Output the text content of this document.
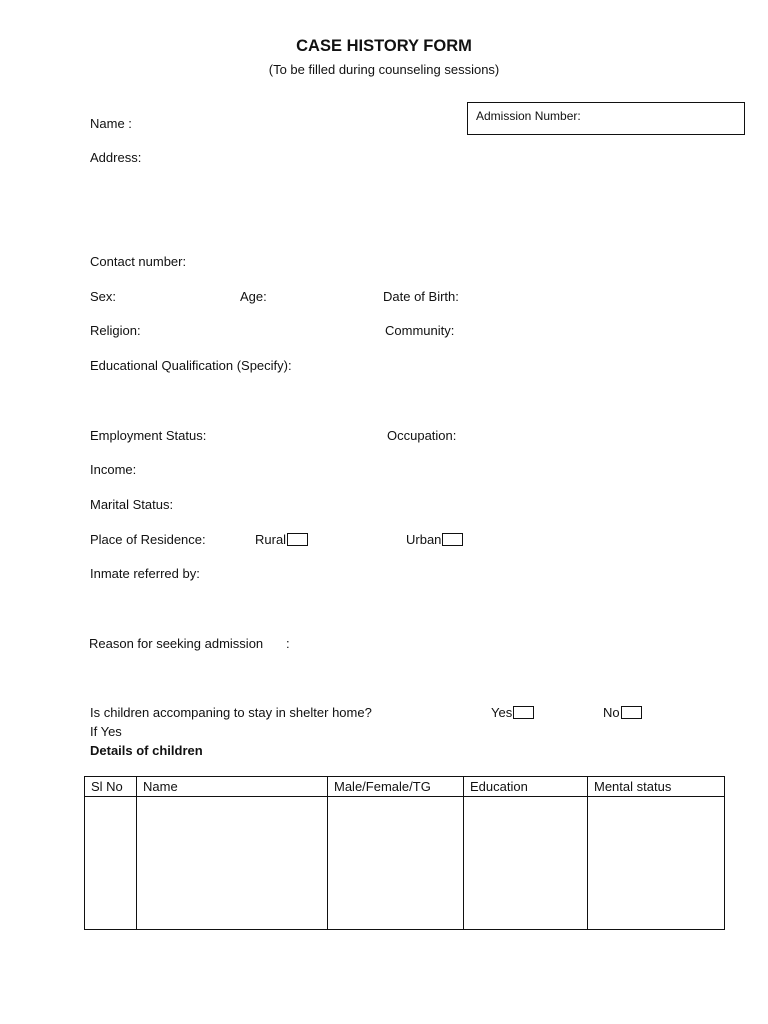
CASE HISTORY FORM
(To be filled during counseling sessions)
Admission Number:
Name :
Address:
Contact number:
Sex:	Age:	Date of Birth:
Religion:	Community:
Educational Qualification (Specify):
Employment Status:	Occupation:
Income:
Marital Status:
Place of Residence:	Rural	Urban
Inmate referred by:
Reason for seeking admission :
Is children accompaning to stay in shelter home?	Yes	No
If Yes
Details of children
Sl No	Name	Male/Female/TG	Education	Mental status
